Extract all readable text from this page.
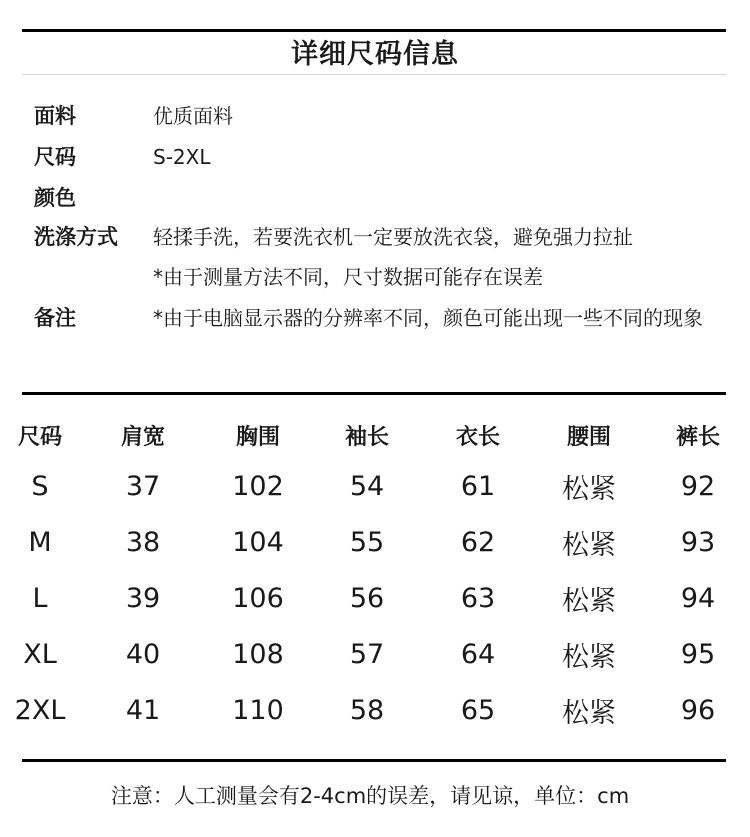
详细尺码信息
面料	优质面料
尺码	S-2XL
颜色
洗涤方式 轻揉手洗，若要洗衣机一定要放洗衣袋，避免强力拉扯
*由于测量方法不同，尺寸数据可能存在误差
备注	*由于电脑显示器的分辨率不同，颜色可能出现一些不同的现象
尺码	肩宽	胸围	袖长	衣长	腰围	裤长
S	37	102	54	61	松紧	92
M	38	104	55	62	松紧	93
L	39	106	56	63	松紧	94
XL	40	108	57	64	松紧	95
2XL	41	110	58	65	松紧	96
注意：人工测量会有2-4cm的误差，请见谅，单位：cm
